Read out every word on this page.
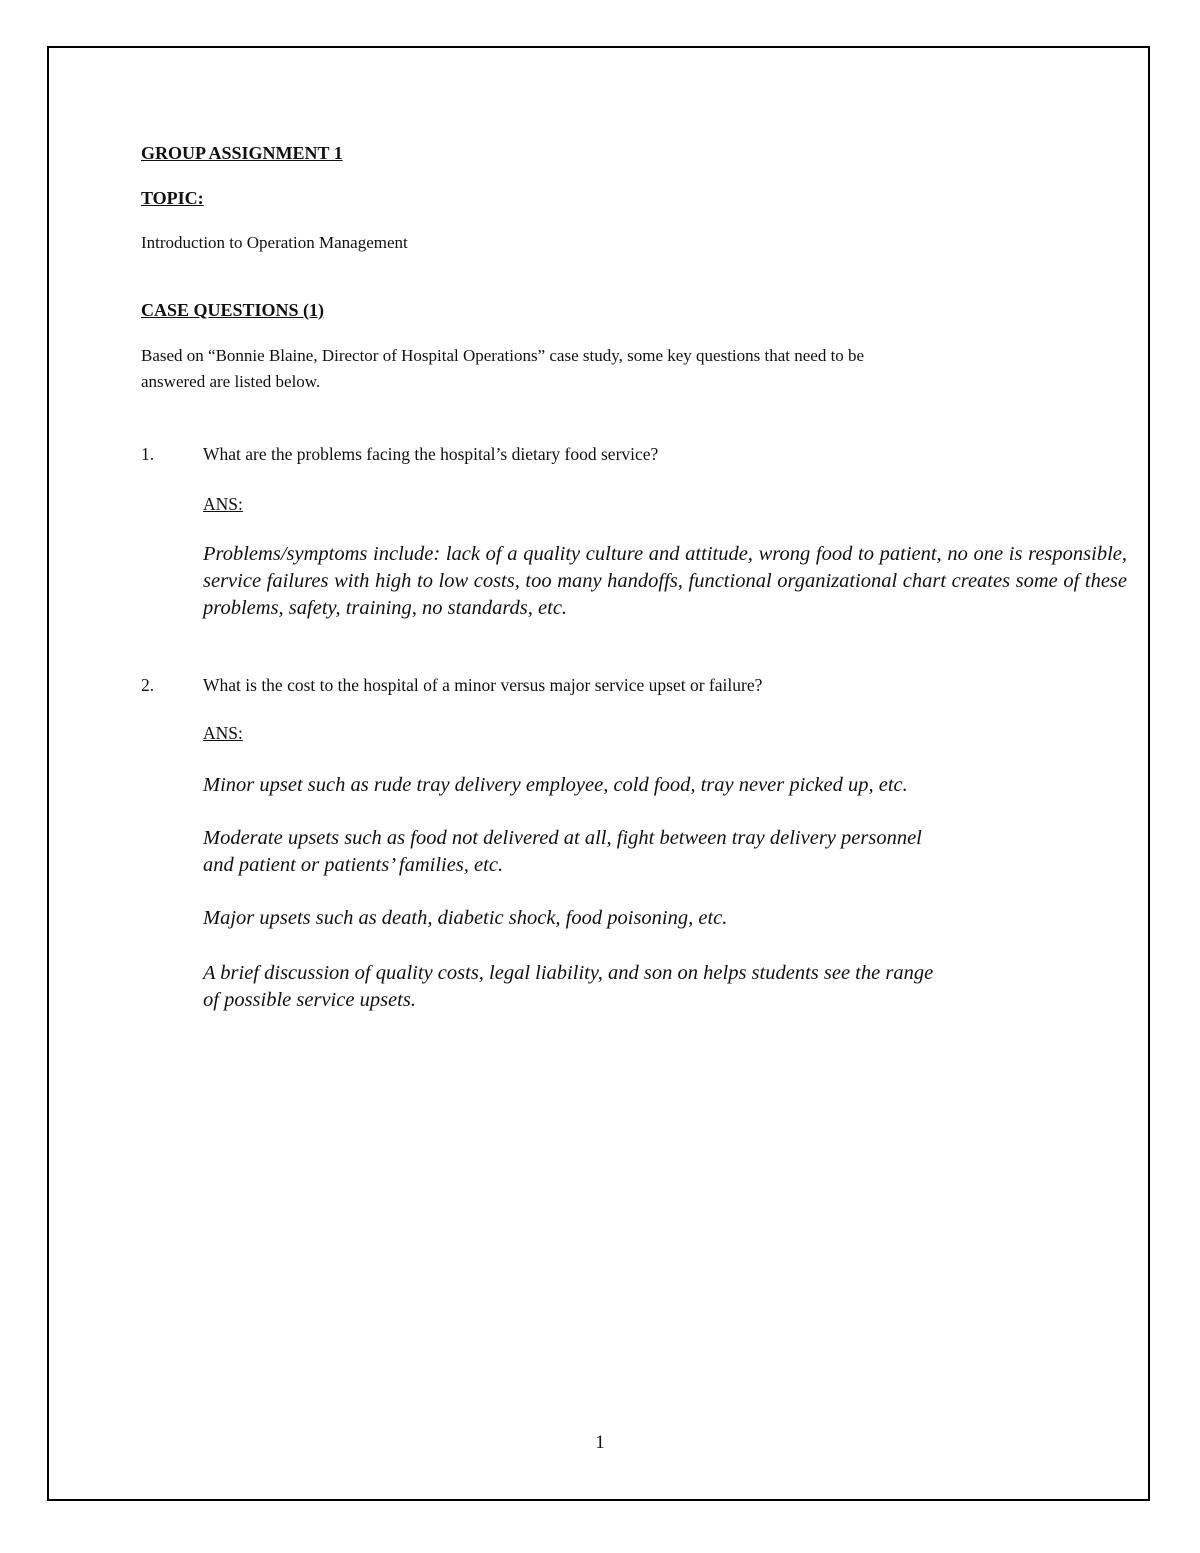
GROUP ASSIGNMENT 1
TOPIC:
Introduction to Operation Management
CASE QUESTIONS (1)
Based on “Bonnie Blaine, Director of Hospital Operations” case study, some key questions that need to be
answered are listed below.
1.	What are the problems facing the hospital’s dietary food service?
ANS:
Problems/symptoms include: lack of a quality culture and attitude, wrong food to patient, no one is responsible, service failures with high to low costs, too many handoffs, functional organizational chart creates some of these problems, safety, training, no standards, etc.
2.	What is the cost to the hospital of a minor versus major service upset or failure?
ANS:
Minor upset such as rude tray delivery employee, cold food, tray never picked up, etc.
Moderate upsets such as food not delivered at all, fight between tray delivery personnel
and patient or patients’ families, etc.
Major upsets such as death, diabetic shock, food poisoning, etc.
A brief discussion of quality costs, legal liability, and son on helps students see the range
of possible service upsets.
1
